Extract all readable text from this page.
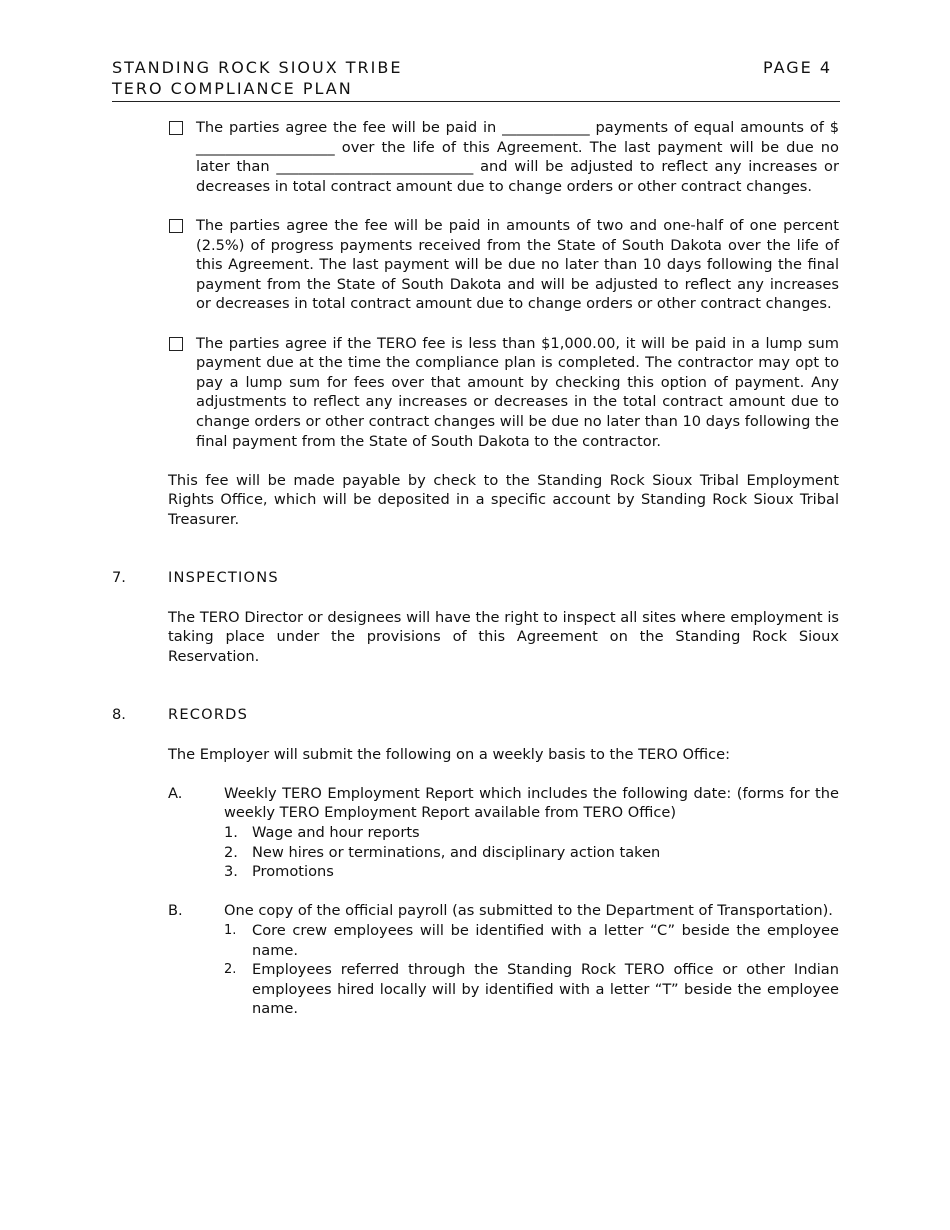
STANDING ROCK SIOUX TRIBE
TERO COMPLIANCE PLAN
PAGE 4
The parties agree the fee will be paid in ____________ payments of equal amounts of $ ___________________ over the life of this Agreement. The last payment will be due no later than ___________________________ and will be adjusted to reflect any increases or decreases in total contract amount due to change orders or other contract changes.
The parties agree the fee will be paid in amounts of two and one-half of one percent (2.5%) of progress payments received from the State of South Dakota over the life of this Agreement. The last payment will be due no later than 10 days following the final payment from the State of South Dakota and will be adjusted to reflect any increases or decreases in total contract amount due to change orders or other contract changes.
The parties agree if the TERO fee is less than $1,000.00, it will be paid in a lump sum payment due at the time the compliance plan is completed. The contractor may opt to pay a lump sum for fees over that amount by checking this option of payment. Any adjustments to reflect any increases or decreases in the total contract amount due to change orders or other contract changes will be due no later than 10 days following the final payment from the State of South Dakota to the contractor.
This fee will be made payable by check to the Standing Rock Sioux Tribal Employment Rights Office, which will be deposited in a specific account by Standing Rock Sioux Tribal Treasurer.
7.	INSPECTIONS
The TERO Director or designees will have the right to inspect all sites where employment is taking place under the provisions of this Agreement on the Standing Rock Sioux Reservation.
8.	RECORDS
The Employer will submit the following on a weekly basis to the TERO Office:
A.	Weekly TERO Employment Report which includes the following date: (forms for the weekly TERO Employment Report available from TERO Office)
1. Wage and hour reports
2. New hires or terminations, and disciplinary action taken
3. Promotions
B.	One copy of the official payroll (as submitted to the Department of Transportation).
1. Core crew employees will be identified with a letter “C” beside the employee name.
2. Employees referred through the Standing Rock TERO office or other Indian employees hired locally will by identified with a letter “T” beside the employee name.
